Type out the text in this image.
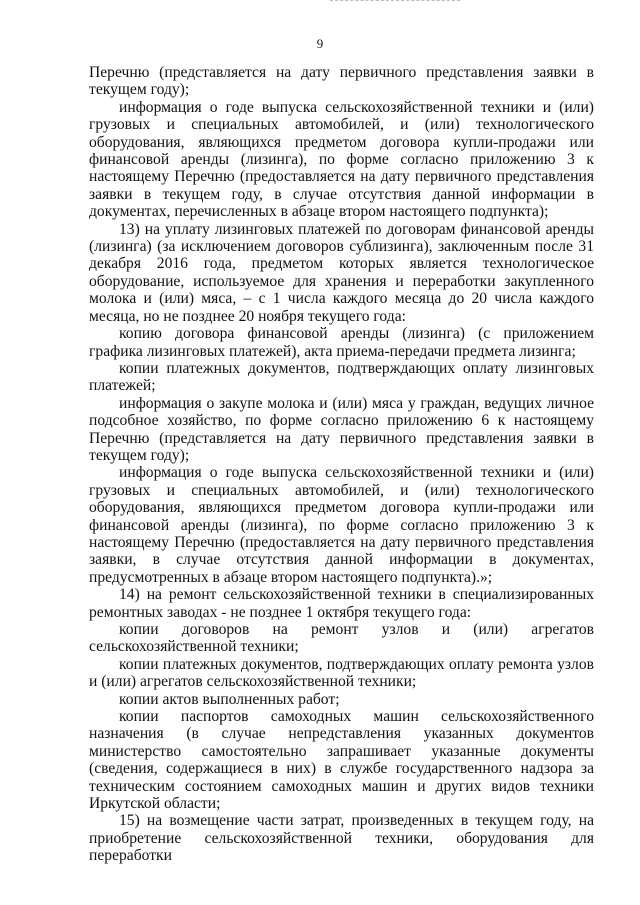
9

Перечню (представляется на дату первичного представления заявки в текущем году);

информация о годе выпуска сельскохозяйственной техники и (или) грузовых и специальных автомобилей, и (или) технологического оборудования, являющихся предметом договора купли-продажи или финансовой аренды (лизинга), по форме согласно приложению 3 к настоящему Перечню (предоставляется на дату первичного представления заявки в текущем году, в случае отсутствия данной информации в документах, перечисленных в абзаце втором настоящего подпункта);

13) на уплату лизинговых платежей по договорам финансовой аренды (лизинга) (за исключением договоров сублизинга), заключенным после 31 декабря 2016 года, предметом которых является технологическое оборудование, используемое для хранения и переработки закупленного молока и (или) мяса, – с 1 числа каждого месяца до 20 числа каждого месяца, но не позднее 20 ноября текущего года:

копию договора финансовой аренды (лизинга) (с приложением графика лизинговых платежей), акта приема-передачи предмета лизинга;

копии платежных документов, подтверждающих оплату лизинговых платежей;

информация о закупе молока и (или) мяса у граждан, ведущих личное подсобное хозяйство, по форме согласно приложению 6 к настоящему Перечню (представляется на дату первичного представления заявки в текущем году);

информация о годе выпуска сельскохозяйственной техники и (или) грузовых и специальных автомобилей, и (или) технологического оборудования, являющихся предметом договора купли-продажи или финансовой аренды (лизинга), по форме согласно приложению 3 к настоящему Перечню (предоставляется на дату первичного представления заявки, в случае отсутствия данной информации в документах, предусмотренных в абзаце втором настоящего подпункта).»;

14) на ремонт сельскохозяйственной техники в специализированных ремонтных заводах - не позднее 1 октября текущего года:

копии договоров на ремонт узлов и (или) агрегатов сельскохозяйственной техники;

копии платежных документов, подтверждающих оплату ремонта узлов и (или) агрегатов сельскохозяйственной техники;

копии актов выполненных работ;

копии паспортов самоходных машин сельскохозяйственного назначения (в случае непредставления указанных документов министерство самостоятельно запрашивает указанные документы (сведения, содержащиеся в них) в службе государственного надзора за техническим состоянием самоходных машин и других видов техники Иркутской области;

15) на возмещение части затрат, произведенных в текущем году, на приобретение сельскохозяйственной техники, оборудования для переработки
